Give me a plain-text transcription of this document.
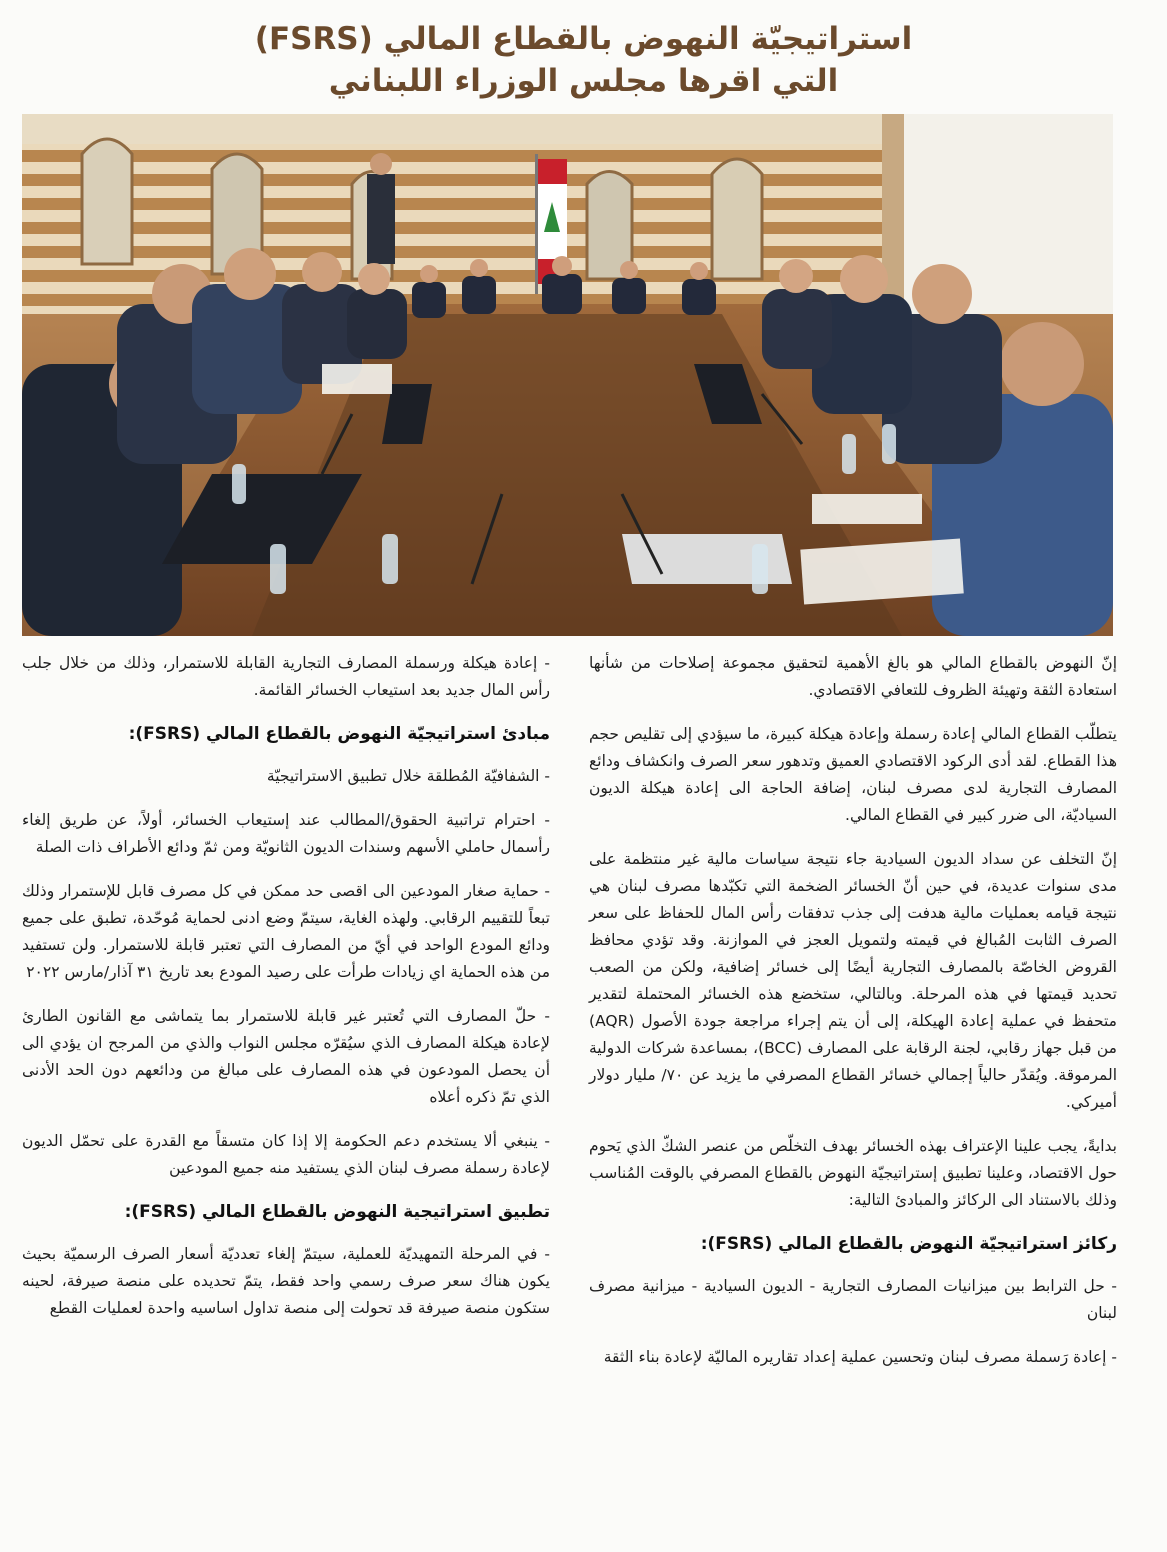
استراتيجيّة النهوض بالقطاع المالي (FSRS)
التي اقرها مجلس الوزراء اللبناني

إنّ النهوض بالقطاع المالي هو بالغ الأهمية لتحقيق مجموعة إصلاحات من شأنها استعادة الثقة وتهيئة الظروف للتعافي الاقتصادي.

يتطلّب القطاع المالي إعادة رسملة وإعادة هيكلة كبيرة، ما سيؤدي إلى تقليص حجم هذا القطاع. لقد أدى الركود الاقتصادي العميق وتدهور سعر الصرف وانكشاف ودائع المصارف التجارية لدى مصرف لبنان، إضافة الحاجة الى إعادة هيكلة الديون السياديّة، الى ضرر كبير في القطاع المالي.

إنّ التخلف عن سداد الديون السيادية جاء نتيجة سياسات مالية غير منتظمة على مدى سنوات عديدة، في حين أنّ الخسائر الضخمة التي تكبّدها مصرف لبنان هي نتيجة قيامه بعمليات مالية هدفت إلى جذب تدفقات رأس المال للحفاظ على سعر الصرف الثابت المُبالغ في قيمته ولتمويل العجز في الموازنة. وقد تؤدي محافظ القروض الخاصّة بالمصارف التجارية أيضًا إلى خسائر إضافية، ولكن من الصعب تحديد قيمتها في هذه المرحلة. وبالتالي، ستخضع هذه الخسائر المحتملة لتقدير متحفظ في عملية إعادة الهيكلة، إلى أن يتم إجراء مراجعة جودة الأصول (AQR) من قبل جهاز رقابي، لجنة الرقابة على المصارف (BCC)، بمساعدة شركات الدولية المرموقة. ويُقدّر حالياً إجمالي خسائر القطاع المصرفي ما يزيد عن ٧٠/ مليار دولار أميركي.

بدايةً، يجب علينا الإعتراف بهذه الخسائر بهدف التخلّص من عنصر الشكّ الذي يَحوم حول الاقتصاد، وعلينا تطبيق إستراتيجيّة النهوض بالقطاع المصرفي بالوقت المُناسب وذلك بالاستناد الى الركائز والمبادئ التالية:

ركائز استراتيجيّة النهوض بالقطاع المالي (FSRS):

- حل الترابط بين ميزانيات المصارف التجارية - الديون السيادية - ميزانية مصرف لبنان

- إعادة رَسملة مصرف لبنان وتحسين عملية إعداد تقاريره الماليّة لإعادة بناء الثقة

- إعادة هيكلة ورسملة المصارف التجارية القابلة للاستمرار، وذلك من خلال جلب رأس المال جديد بعد استيعاب الخسائر القائمة.

مبادئ استراتيجيّة النهوض بالقطاع المالي (FSRS):

- الشفافيّة المُطلقة خلال تطبيق الاستراتيجيّة

- احترام تراتبية الحقوق/المطالب عند إستيعاب الخسائر، أولاً، عن طريق إلغاء رأسمال حاملي الأسهم وسندات الديون الثانويّة ومن ثمّ ودائع الأطراف ذات الصلة

- حماية صغار المودعين الى اقصى حد ممكن في كل مصرف قابل للإستمرار وذلك تبعاً للتقييم الرقابي. ولهذه الغاية، سيتمّ وضع ادنى لحماية مُوحّدة، تطبق على جميع ودائع المودع الواحد في أيّ من المصارف التي تعتبر قابلة للاستمرار. ولن تستفيد من هذه الحماية اي زيادات طرأت على رصيد المودع بعد تاريخ ٣١ آذار/مارس ٢٠٢٢

- حلّ المصارف التي تُعتبر غير قابلة للاستمرار بما يتماشى مع القانون الطارئ لإعادة هيكلة المصارف الذي سيُقرّه مجلس النواب والذي من المرجح ان يؤدي الى أن يحصل المودعون في هذه المصارف على مبالغ من ودائعهم دون الحد الأدنى الذي تمّ ذكره أعلاه

- ينبغي ألا يستخدم دعم الحكومة إلا إذا كان متسقاً مع القدرة على تحمّل الديون لإعادة رسملة مصرف لبنان الذي يستفيد منه جميع المودعين

تطبيق استراتيجية النهوض بالقطاع المالي (FSRS):

- في المرحلة التمهيديّة للعملية، سيتمّ إلغاء تعدديّة أسعار الصرف الرسميّة بحيث يكون هناك سعر صرف رسمي واحد فقط، يتمّ تحديده على منصة صيرفة، لحينه ستكون منصة صيرفة قد تحولت إلى منصة تداول اساسيه واحدة لعمليات القطع
